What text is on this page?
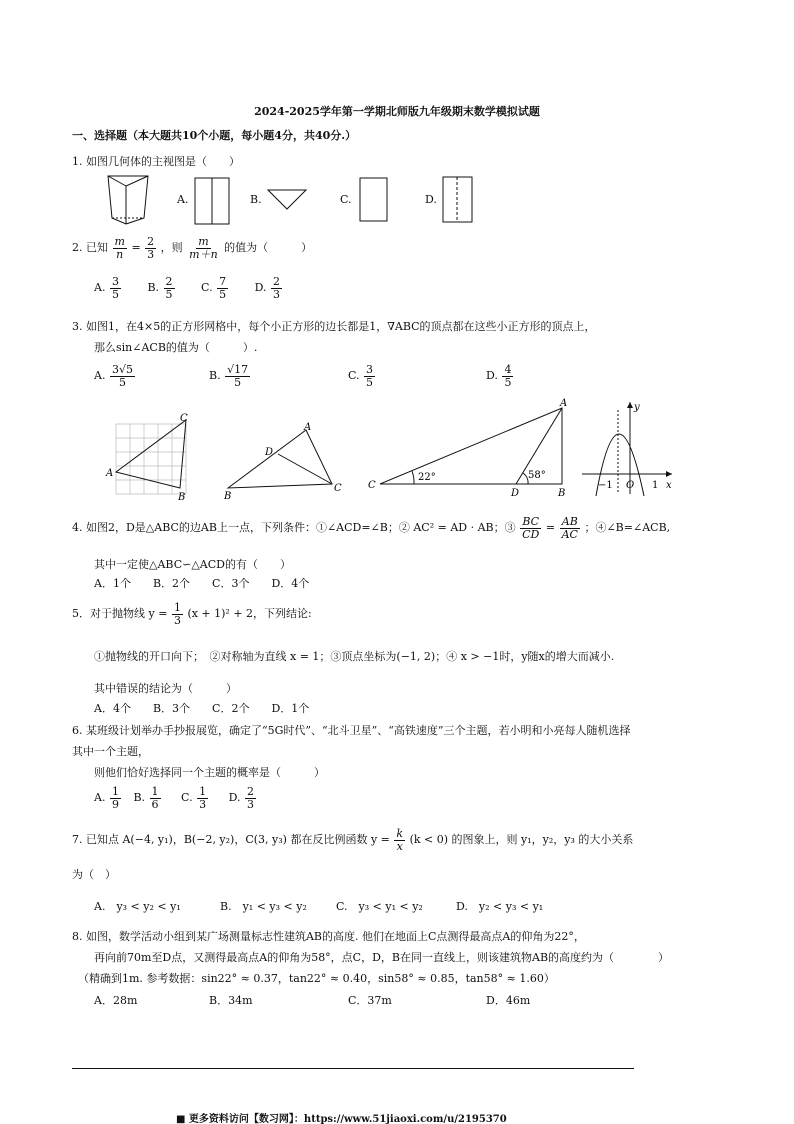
2024-2025学年第一学期北师版九年级期末数学模拟试题
一、选择题（本大题共10个小题，每小题4分，共40分.）
1. 如图几何体的主视图是（　　）
A.	B.	C.	D.
2. 已知 $\frac{m}{n} = \frac{2}{3}$ ，则 $\frac{m}{m+n}$ 的值为（　　　）
A. $\frac{3}{5} B$. $\frac{2}{5} C$. $\frac{7}{5} D$. $\frac{2}{3}$
3. 如图1，在4×5的正方形网格中，每个小正方形的边长都是1，∇ABC的顶点都在这些小正方形的顶点上，
那么sin∠ACB的值为（　　　）.
A. $\frac{3√5}{5}$	B. $\frac{√17}{5}$	C. $\frac{3}{5}$	D. $\frac{4}{5}$
A
C
B
A
B
C
D
A
C
D	B
22°	58°
y
x
O
−1	1
4. 如图2，D是△ABC的边AB上一点，下列条件：①∠ACD=∠B；② AC² = AD · AB；③ $\frac{BC}{CD} = \frac{AB}{AC}$ ；④∠B=∠ACB,
其中一定使△ABC∽△ACD的有（　　）
A．1个　　B．2个　　C．3个　　D．4个
5．对于抛物线 $y = \frac{1}{3} (x + 1)^2 + 2$，下列结论:
①抛物线的开口向下；　②对称轴为直线 x = 1；③顶点坐标为(−1, 2)；④ x > −1时，y随x的增大而减小.
其中错误的结论为（　　　）
A．4个　　B．3个　　C．2个　　D．1个
6. 某班级计划举办手抄报展览，确定了“5G时代”、“北斗卫星”、“高铁速度”三个主题，若小明和小亮每人随机选择
其中一个主题，
则他们恰好选择同一个主题的概率是（　　　）
A. $\frac{1}{9} B$. $\frac{1}{6} C$. $\frac{1}{3} D$. $\frac{2}{3}$
7. 已知点 A(−4, y₁)，B(−2, y₂)，C(3, y₃) 都在反比例函数 $y = \frac{k}{x} (k < 0)$ 的图象上，则 y₁，y₂，y₃ 的大小关系
为（　）
A.　y₃ < y₂ < y₁	B.　y₁ < y₃ < y₂	C.　y₃ < y₁ < y₂	D.　y₂ < y₃ < y₁
8. 如图，数学活动小组到某广场测量标志性建筑AB的高度. 他们在地面上C点测得最高点A的仰角为22°，
再向前70m至D点，又测得最高点A的仰角为58°，点C，D，B在同一直线上，则该建筑物AB的高度约为（　　　　）
（精确到1m. 参考数据：sin22° ≈ 0.37，tan22° ≈ 0.40，sin58° ≈ 0.85，tan58° ≈ 1.60）
A．28m	B．34m	C．37m	D．46m
■ 更多资料访问【数习网】：https://www.51jiaoxi.com/u/2195370
